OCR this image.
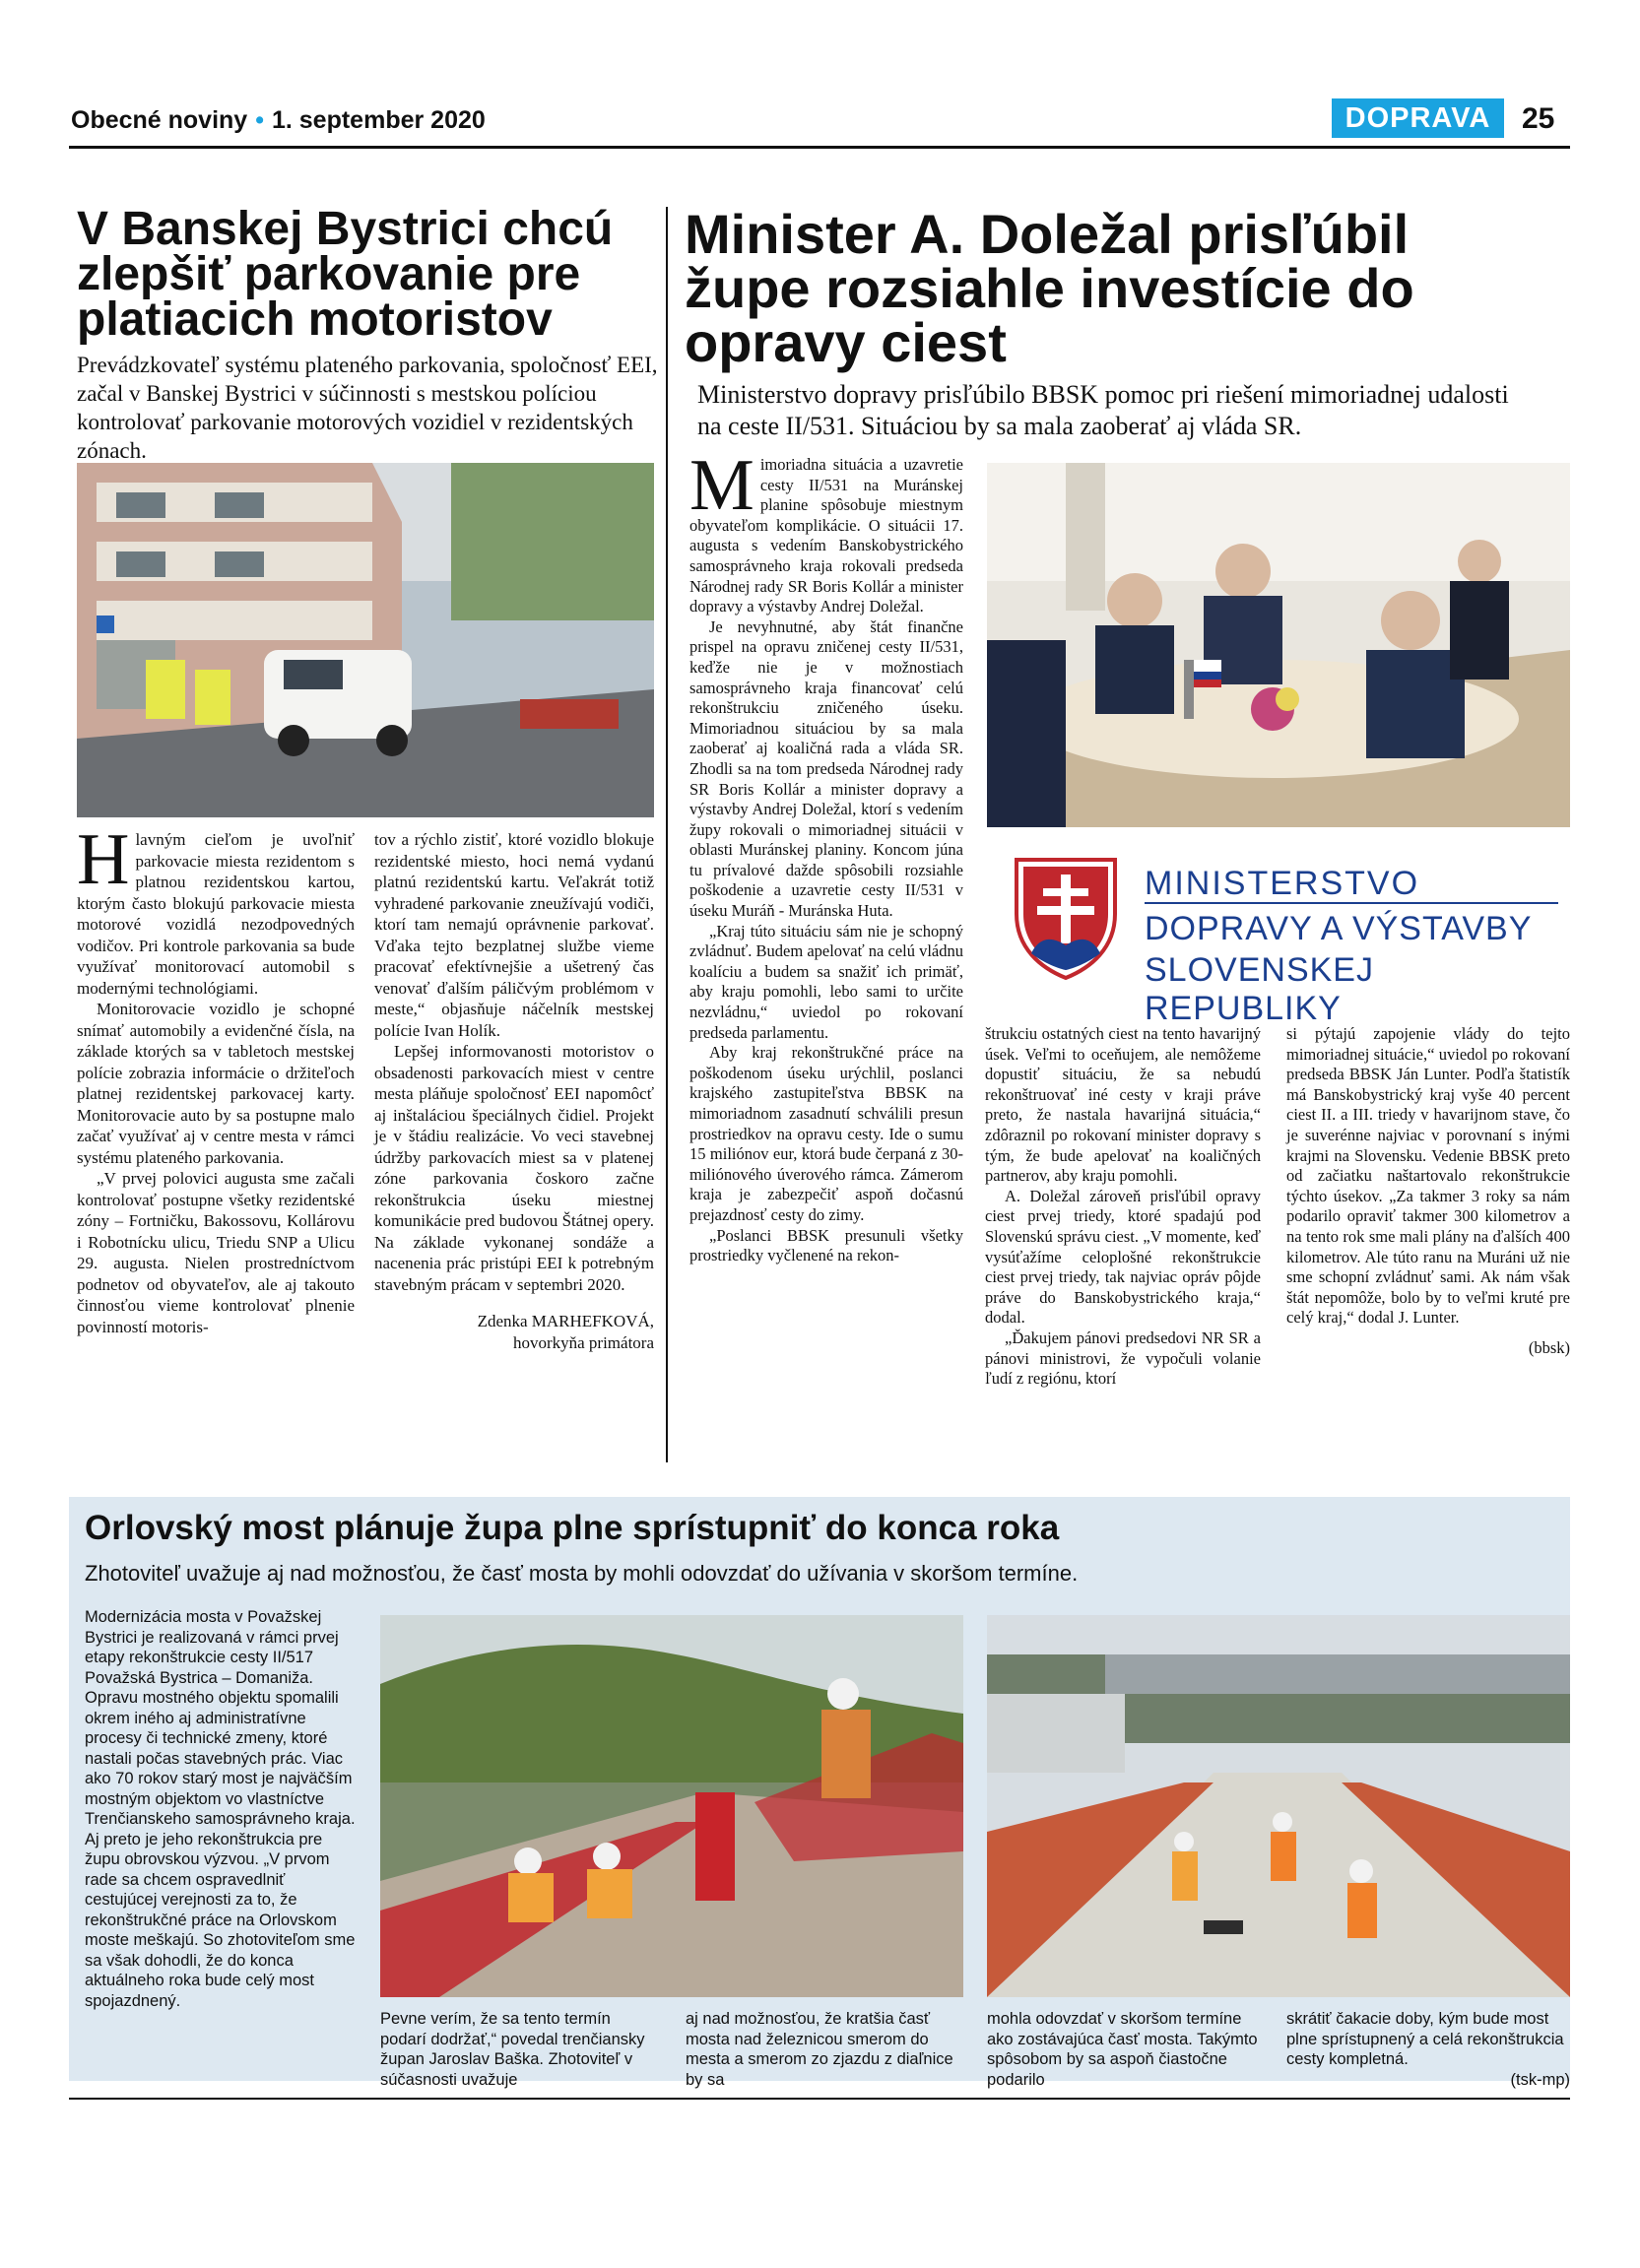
Obecné noviny • 1. september 2020	DOPRAVA	25
V Banskej Bystrici chcú zlepšiť parkovanie pre platiacich motoristov
Prevádzkovateľ systému plateného parkovania, spoločnosť EEI, začal v Banskej Bystrici v súčinnosti s mestskou políciou kontrolovať parkovanie motorových vozidiel v rezidentských zónach.

Hlavným cieľom je uvoľniť parkovacie miesta rezidentom s platnou rezidentskou kartou, ktorým často blokujú parkovacie miesta motorové vozidlá nezodpovedných vodičov. Pri kontrole parkovania sa bude využívať monitorovací automobil s modernými technológiami.

Monitorovacie vozidlo je schopné snímať automobily a evidenčné čísla, na základe ktorých sa v tabletoch mestskej polície zobrazia informácie o držiteľoch platnej rezidentskej parkovacej karty. Monitorovacie auto by sa postupne malo začať využívať aj v centre mesta v rámci systému plateného parkovania.

„V prvej polovici augusta sme začali kontrolovať postupne všetky rezidentské zóny – Fortničku, Bakossovu, Kollárovu i Robotnícku ulicu, Triedu SNP a Ulicu 29. augusta. Nielen prostredníctvom podnetov od obyvateľov, ale aj takouto činnosťou vieme kontrolovať plnenie povinností motoris-

tov a rýchlo zistiť, ktoré vozidlo blokuje rezidentské miesto, hoci nemá vydanú platnú rezidentskú kartu. Veľakrát totiž vyhradené parkovanie zneužívajú vodiči, ktorí tam nemajú oprávnenie parkovať. Vďaka tejto bezplatnej službe vieme pracovať efektívnejšie a ušetrený čas venovať ďalším páličvým problémom v meste,“ objasňuje náčelník mestskej polície Ivan Holík.

Lepšej informovanosti motoristov o obsadenosti parkovacích miest v centre mesta pláňuje spoločnosť EEI napomôcť aj inštaláciou špeciálnych čidiel. Projekt je v štádiu realizácie. Vo veci stavebnej údržby parkovacích miest sa v platenej zóne parkovania čoskoro začne rekonštrukcia úseku miestnej komunikácie pred budovou Štátnej opery. Na základe vykonanej sondáže a nacenenia prác pristúpi EEI k potrebným stavebným prácam v septembri 2020.

Zdenka MARHEFKOVÁ,
hovorkyňa primátora
Minister A. Doležal prisľúbil župe rozsiahle investície do opravy ciest
Ministerstvo dopravy prisľúbilo BBSK pomoc pri riešení mimoriadnej udalosti na ceste II/531. Situáciou by sa mala zaoberať aj vláda SR.

Mimoriadna situácia a uzavretie cesty II/531 na Muránskej planine spôsobuje miestnym obyvateľom komplikácie. O situácii 17. augusta s vedením Banskobystrického samosprávneho kraja rokovali predseda Národnej rady SR Boris Kollár a minister dopravy a výstavby Andrej Doležal.

Je nevyhnutné, aby štát finančne prispel na opravu zničenej cesty II/531, keďže nie je v možnostiach samosprávneho kraja financovať celú rekonštrukciu zničeného úseku. Mimoriadnou situáciou by sa mala zaoberať aj koaličná rada a vláda SR. Zhodli sa na tom predseda Národnej rady SR Boris Kollár a minister dopravy a výstavby Andrej Doležal, ktorí s vedením župy rokovali o mimoriadnej situácii v oblasti Muránskej planiny. Koncom júna tu prívalové dažde spôsobili rozsiahle poškodenie a uzavretie cesty II/531 v úseku Muráň - Muránska Huta.

„Kraj túto situáciu sám nie je schopný zvládnuť. Budem apelovať na celú vládnu koalíciu a budem sa snažiť ich primäť, aby kraju pomohli, lebo sami to určite nezvládnu,“ uviedol po rokovaní predseda parlamentu.

Aby kraj rekonštrukčné práce na poškodenom úseku urýchlil, poslanci krajského zastupiteľstva BBSK na mimoriadnom zasadnutí schválili presun prostriedkov na opravu cesty. Ide o sumu 15 miliónov eur, ktorá bude čerpaná z 30-miliónového úverového rámca. Zámerom kraja je zabezpečiť aspoň dočasnú prejazdnosť cesty do zimy.

„Poslanci BBSK presunuli všetky prostriedky vyčlenené na rekon-

MINISTERSTVO
DOPRAVY A VÝSTAVBY
SLOVENSKEJ REPUBLIKY

štrukciu ostatných ciest na tento havarijný úsek. Veľmi to oceňujem, ale nemôžeme dopustiť situáciu, že sa nebudú rekonštruovať iné cesty v kraji práve preto, že nastala havarijná situácia,“ zdôraznil po rokovaní minister dopravy s tým, že bude apelovať na koaličných partnerov, aby kraju pomohli.

A. Doležal zároveň prisľúbil opravy ciest prvej triedy, ktoré spadajú pod Slovenskú správu ciest. „V momente, keď vysúťažíme celoplošné rekonštrukcie ciest prvej triedy, tak najviac opráv pôjde práve do Banskobystrického kraja,“ dodal.

„Ďakujem pánovi predsedovi NR SR a pánovi ministrovi, že vypočuli volanie ľudí z regiónu, ktorí

si pýtajú zapojenie vlády do tejto mimoriadnej situácie,“ uviedol po rokovaní predseda BBSK Ján Lunter. Podľa štatistík má Banskobystrický kraj vyše 40 percent ciest II. a III. triedy v havarijnom stave, čo je suverénne najviac v porovnaní s inými krajmi na Slovensku. Vedenie BBSK preto od začiatku naštartovalo rekonštrukcie týchto úsekov. „Za takmer 3 roky sa nám podarilo opraviť takmer 300 kilometrov a na tento rok sme mali plány na ďalších 400 kilometrov. Ale túto ranu na Muráni už nie sme schopní zvládnuť sami. Ak nám však štát nepomôže, bolo by to veľmi kruté pre celý kraj,“ dodal J. Lunter.

(bbsk)
Orlovský most plánuje župa plne sprístupniť do konca roka
Zhotoviteľ uvažuje aj nad možnosťou, že časť mosta by mohli odovzdať do užívania v skoršom termíne.

Modernizácia mosta v Považskej Bystrici je realizovaná v rámci prvej etapy rekonštrukcie cesty II/517 Považská Bystrica – Domaniža. Opravu mostného objektu spomalili okrem iného aj administratívne procesy či technické zmeny, ktoré nastali počas stavebných prác. Viac ako 70 rokov starý most je najväčším mostným objektom vo vlastníctve Trenčianskeho samosprávneho kraja. Aj preto je jeho rekonštrukcia pre župu obrovskou výzvou. „V prvom rade sa chcem ospravedlniť cestujúcej verejnosti za to, že rekonštrukčné práce na Orlovskom moste meškajú. So zhotoviteľom sme sa však dohodli, že do konca aktuálneho roka bude celý most spojazdnený.

Pevne verím, že sa tento termín podarí dodržať,“ povedal trenčiansky župan Jaroslav Baška. Zhotoviteľ v súčasnosti uvažuje

aj nad možnosťou, že kratšia časť mosta nad železnicou smerom do mesta a smerom zo zjazdu z diaľnice by sa

mohla odovzdať v skoršom termíne ako zostávajúca časť mosta. Takýmto spôsobom by sa aspoň čiastočne podarilo

skrátiť čakacie doby, kým bude most plne sprístupnený a celá rekonštrukcia cesty kompletná.

(tsk-mp)
